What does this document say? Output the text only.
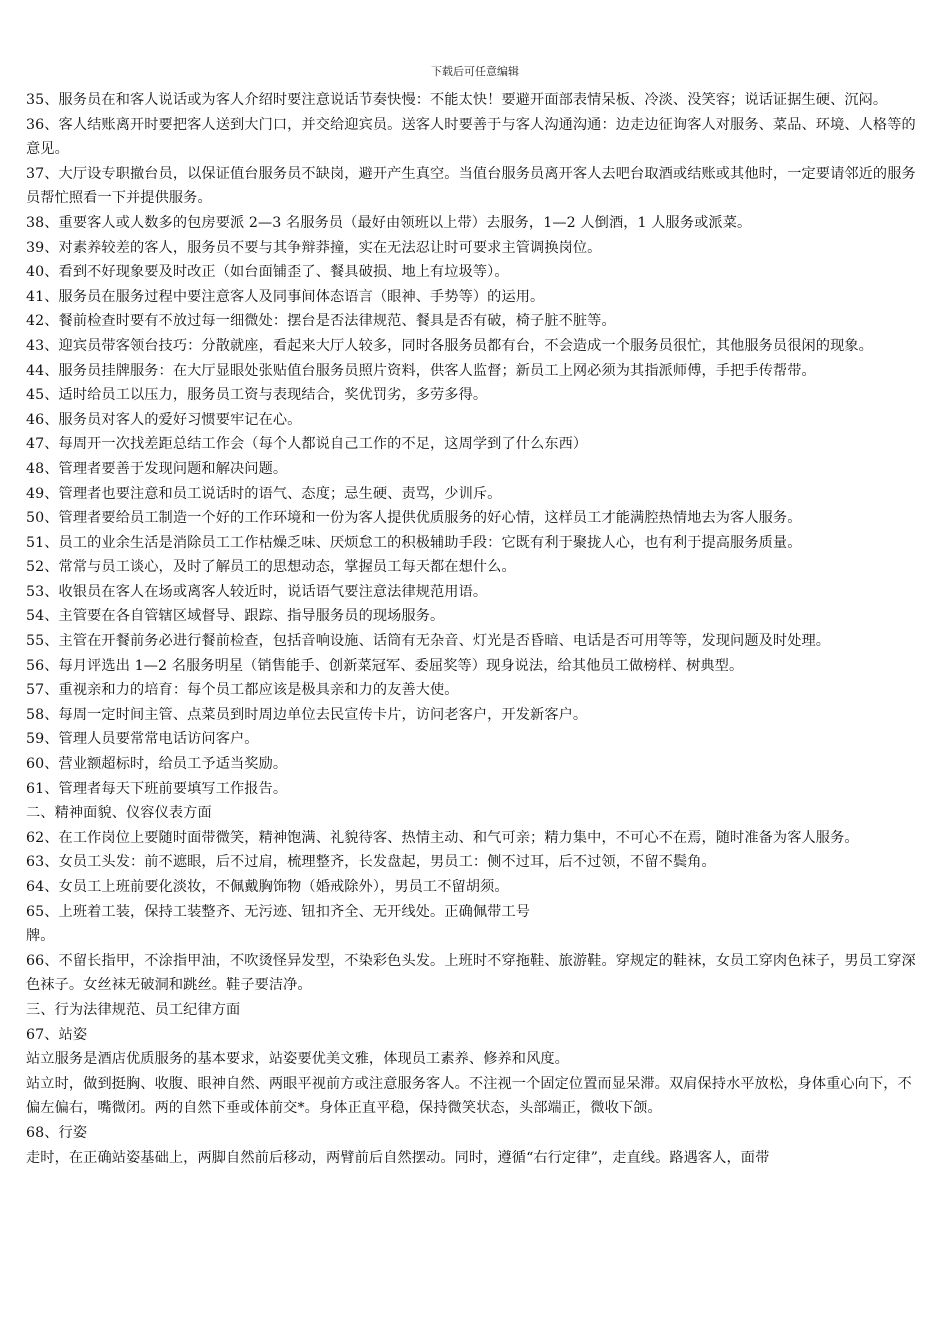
下载后可任意编辑

35、服务员在和客人说话或为客人介绍时要注意说话节奏快慢：不能太快！要避开面部表情呆板、冷淡、没笑容；说话证据生硬、沉闷。

36、客人结账离开时要把客人送到大门口，并交给迎宾员。送客人时要善于与客人沟通沟通：边走边征询客人对服务、菜品、环境、人格等的意见。

37、大厅设专职撤台员，以保证值台服务员不缺岗，避开产生真空。当值台服务员离开客人去吧台取酒或结账或其他时，一定要请邻近的服务员帮忙照看一下并提供服务。

38、重要客人或人数多的包房要派 2—3 名服务员（最好由领班以上带）去服务，1—2 人倒酒，1 人服务或派菜。

39、对素养较差的客人，服务员不要与其争辩莽撞，实在无法忍让时可要求主管调换岗位。

40、看到不好现象要及时改正（如台面铺歪了、餐具破损、地上有垃圾等）。

41、服务员在服务过程中要注意客人及同事间体态语言（眼神、手势等）的运用。

42、餐前检查时要有不放过每一细微处：摆台是否法律规范、餐具是否有破，椅子脏不脏等。

43、迎宾员带客领台技巧：分散就座，看起来大厅人较多，同时各服务员都有台，不会造成一个服务员很忙，其他服务员很闲的现象。

44、服务员挂牌服务：在大厅显眼处张贴值台服务员照片资料，供客人监督；新员工上网必须为其指派师傅，手把手传帮带。

45、适时给员工以压力，服务员工资与表现结合，奖优罚劣，多劳多得。

46、服务员对客人的爱好习惯要牢记在心。

47、每周开一次找差距总结工作会（每个人都说自己工作的不足，这周学到了什么东西）

48、管理者要善于发现问题和解决问题。

49、管理者也要注意和员工说话时的语气、态度；忌生硬、责骂，少训斥。

50、管理者要给员工制造一个好的工作环境和一份为客人提供优质服务的好心情，这样员工才能满腔热情地去为客人服务。

51、员工的业余生活是消除员工工作枯燥乏味、厌烦怠工的积极辅助手段：它既有利于聚拢人心，也有利于提高服务质量。

52、常常与员工谈心，及时了解员工的思想动态，掌握员工每天都在想什么。

53、收银员在客人在场或离客人较近时，说话语气要注意法律规范用语。

54、主管要在各自管辖区域督导、跟踪、指导服务员的现场服务。

55、主管在开餐前务必进行餐前检查，包括音响设施、话筒有无杂音、灯光是否昏暗、电话是否可用等等，发现问题及时处理。

56、每月评选出 1—2 名服务明星（销售能手、创新菜冠军、委屈奖等）现身说法，给其他员工做榜样、树典型。

57、重视亲和力的培育：每个员工都应该是极具亲和力的友善大使。

58、每周一定时间主管、点菜员到时周边单位去民宣传卡片，访问老客户，开发新客户。

59、管理人员要常常电话访问客户。

60、营业额超标时，给员工予适当奖励。

61、管理者每天下班前要填写工作报告。

二、精神面貌、仪容仪表方面

62、在工作岗位上要随时面带微笑，精神饱满、礼貌待客、热情主动、和气可亲；精力集中，不可心不在焉，随时准备为客人服务。

63、女员工头发：前不遮眼，后不过肩，梳理整齐，长发盘起，男员工：侧不过耳，后不过领，不留不鬓角。

64、女员工上班前要化淡妆，不佩戴胸饰物（婚戒除外），男员工不留胡须。

65、上班着工装，保持工装整齐、无污迹、钮扣齐全、无开线处。正确佩带工号

牌。

66、不留长指甲，不涂指甲油，不吹烫怪异发型，不染彩色头发。上班时不穿拖鞋、旅游鞋。穿规定的鞋袜，女员工穿肉色袜子，男员工穿深色袜子。女丝袜无破洞和跳丝。鞋子要洁净。

三、行为法律规范、员工纪律方面

67、站姿

站立服务是酒店优质服务的基本要求，站姿要优美文雅，体现员工素养、修养和风度。

站立时，做到挺胸、收腹、眼神自然、两眼平视前方或注意服务客人。不注视一个固定位置而显呆滞。双肩保持水平放松，身体重心向下，不偏左偏右，嘴微闭。两的自然下垂或体前交*。身体正直平稳，保持微笑状态，头部端正，微收下颌。

68、行姿

走时，在正确站姿基础上，两脚自然前后移动，两臂前后自然摆动。同时，遵循“右行定律”，走直线。路遇客人，面带
